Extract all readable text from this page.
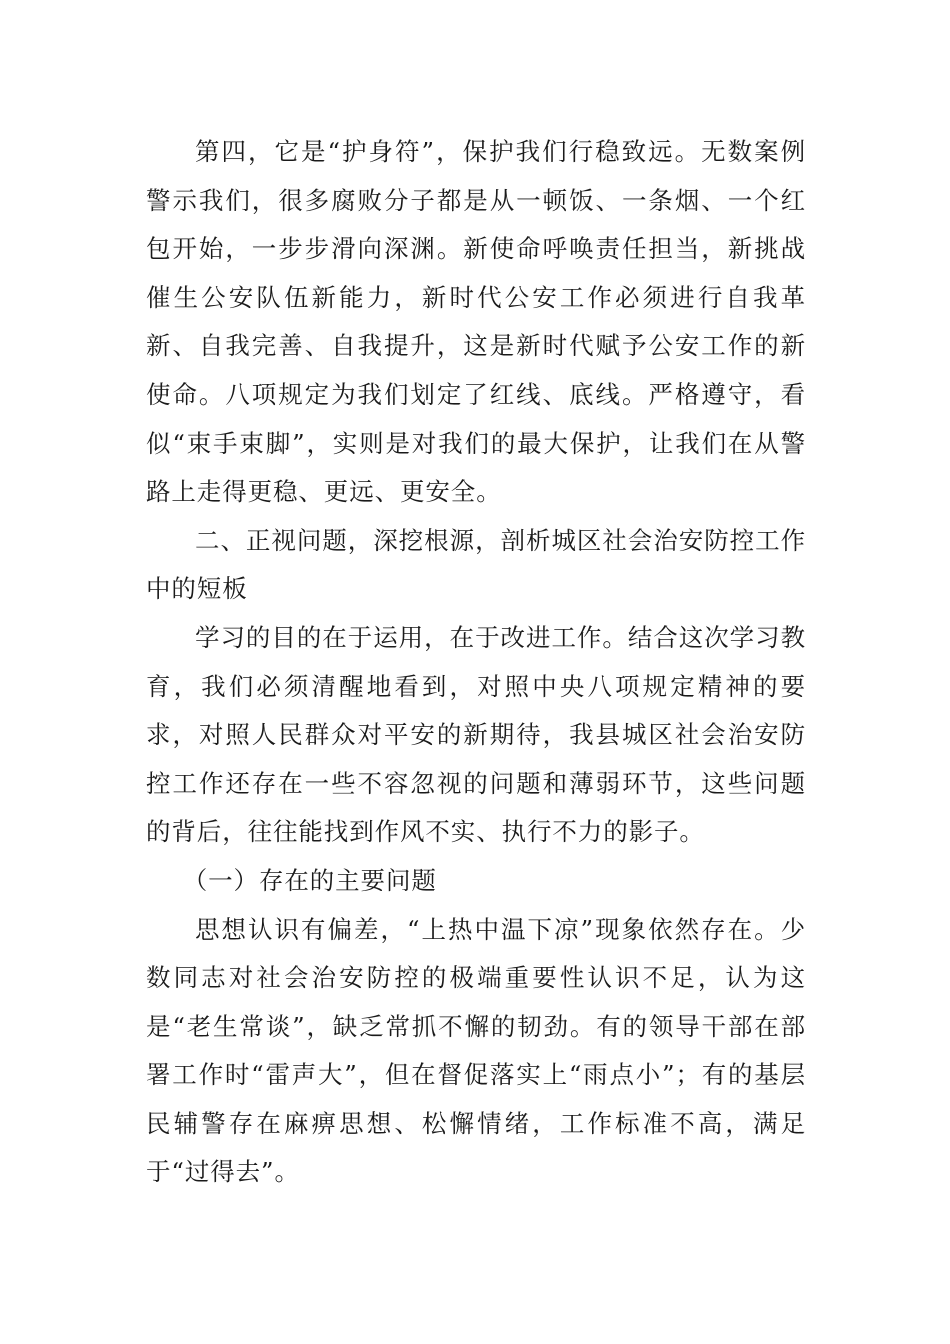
第四，它是“护身符”，保护我们行稳致远。无数案例警示我们，很多腐败分子都是从一顿饭、一条烟、一个红包开始，一步步滑向深渊。新使命呼唤责任担当，新挑战催生公安队伍新能力，新时代公安工作必须进行自我革新、自我完善、自我提升，这是新时代赋予公安工作的新使命。八项规定为我们划定了红线、底线。严格遵守，看似“束手束脚”，实则是对我们的最大保护，让我们在从警路上走得更稳、更远、更安全。

二、正视问题，深挖根源，剖析城区社会治安防控工作中的短板

学习的目的在于运用，在于改进工作。结合这次学习教育，我们必须清醒地看到，对照中央八项规定精神的要求，对照人民群众对平安的新期待，我县城区社会治安防控工作还存在一些不容忽视的问题和薄弱环节，这些问题的背后，往往能找到作风不实、执行不力的影子。

（一）存在的主要问题

思想认识有偏差，“上热中温下凉”现象依然存在。少数同志对社会治安防控的极端重要性认识不足，认为这是“老生常谈”，缺乏常抓不懈的韧劲。有的领导干部在部署工作时“雷声大”，但在督促落实上“雨点小”；有的基层民辅警存在麻痹思想、松懈情绪，工作标准不高，满足于“过得去”。
